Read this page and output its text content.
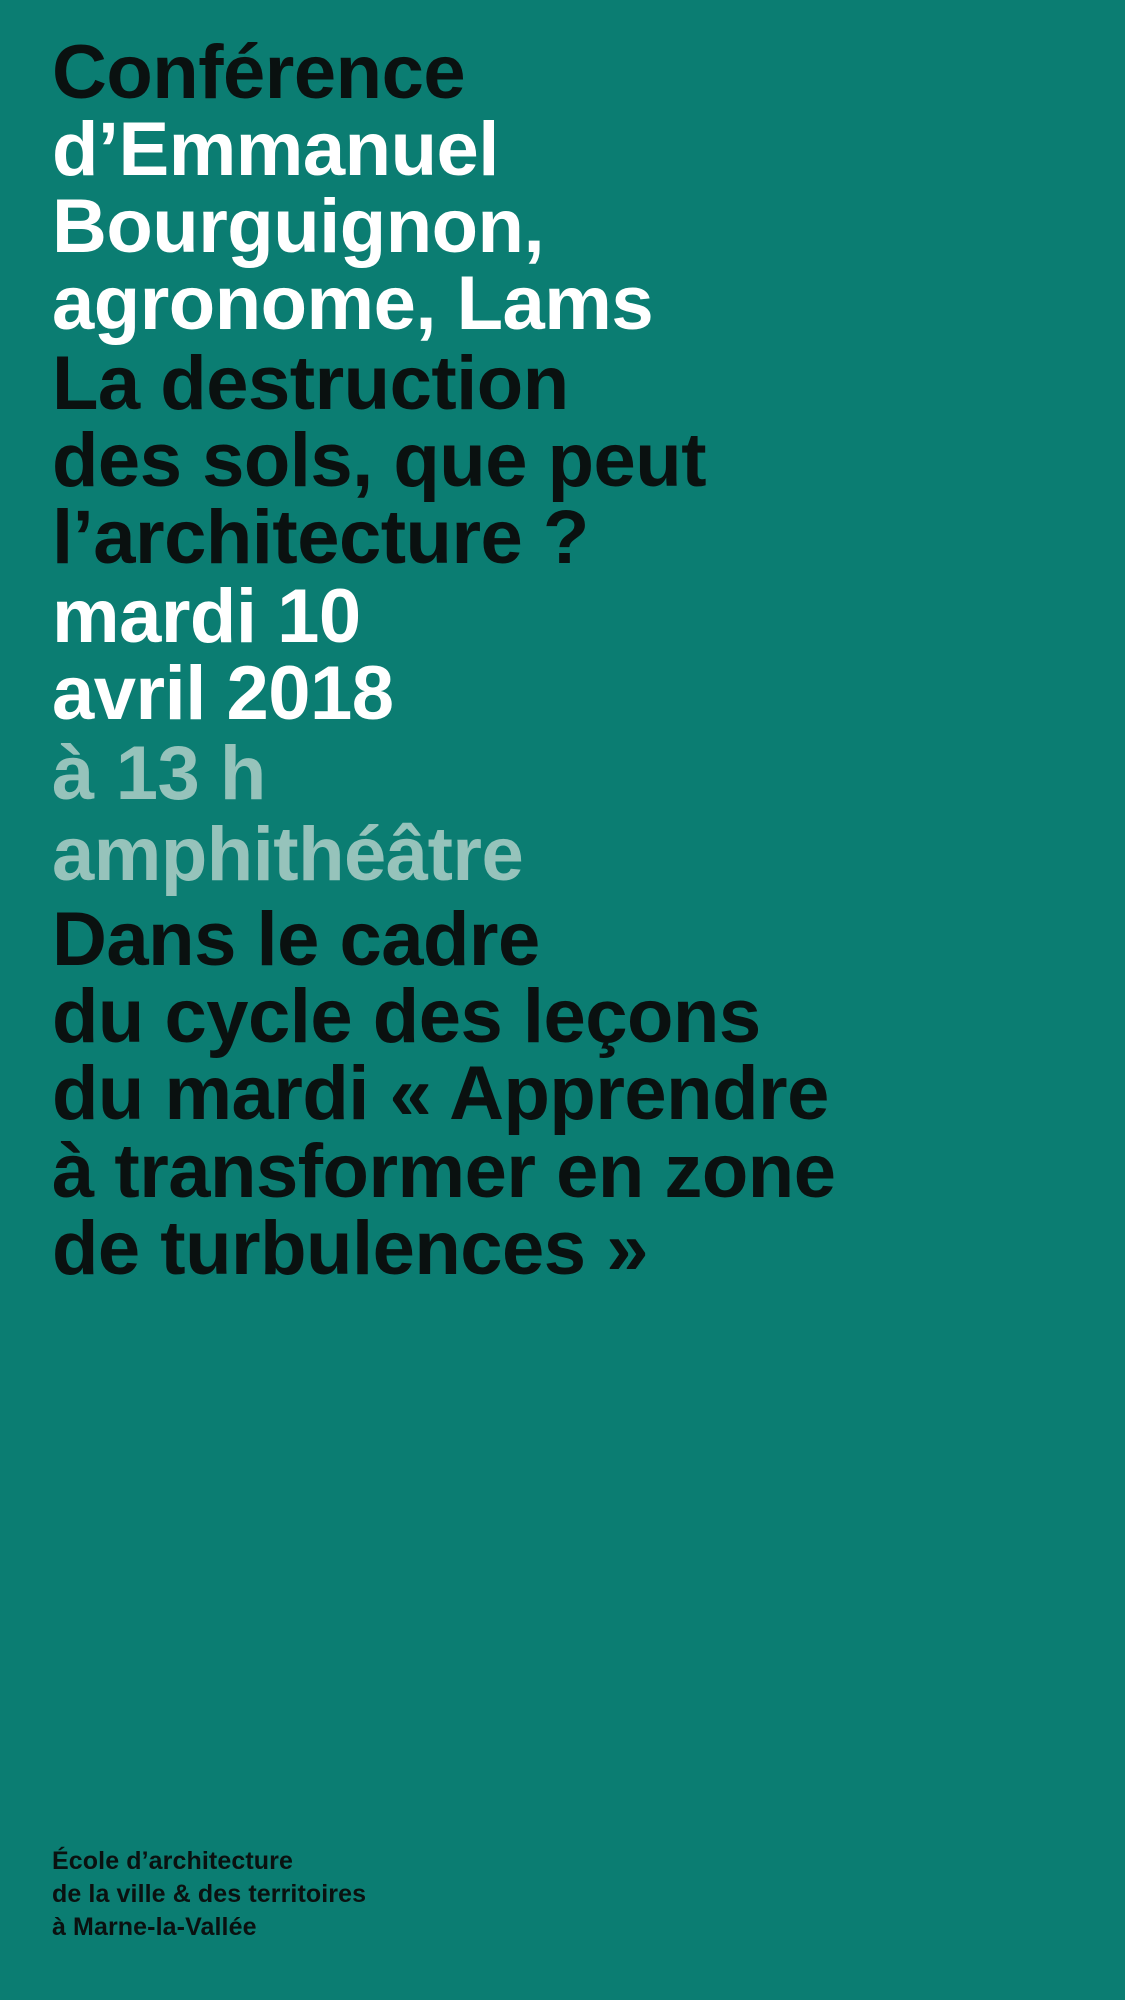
Conférence
d’Emmanuel
Bourguignon,
agronome, Lams
La destruction
des sols, que peut
l’architecture ?
mardi 10
avril 2018
à 13 h
amphithéâtre
Dans le cadre
du cycle des leçons
du mardi « Apprendre
à transformer en zone
de turbulences »
École d’architecture
de la ville & des territoires
à Marne-la-Vallée
